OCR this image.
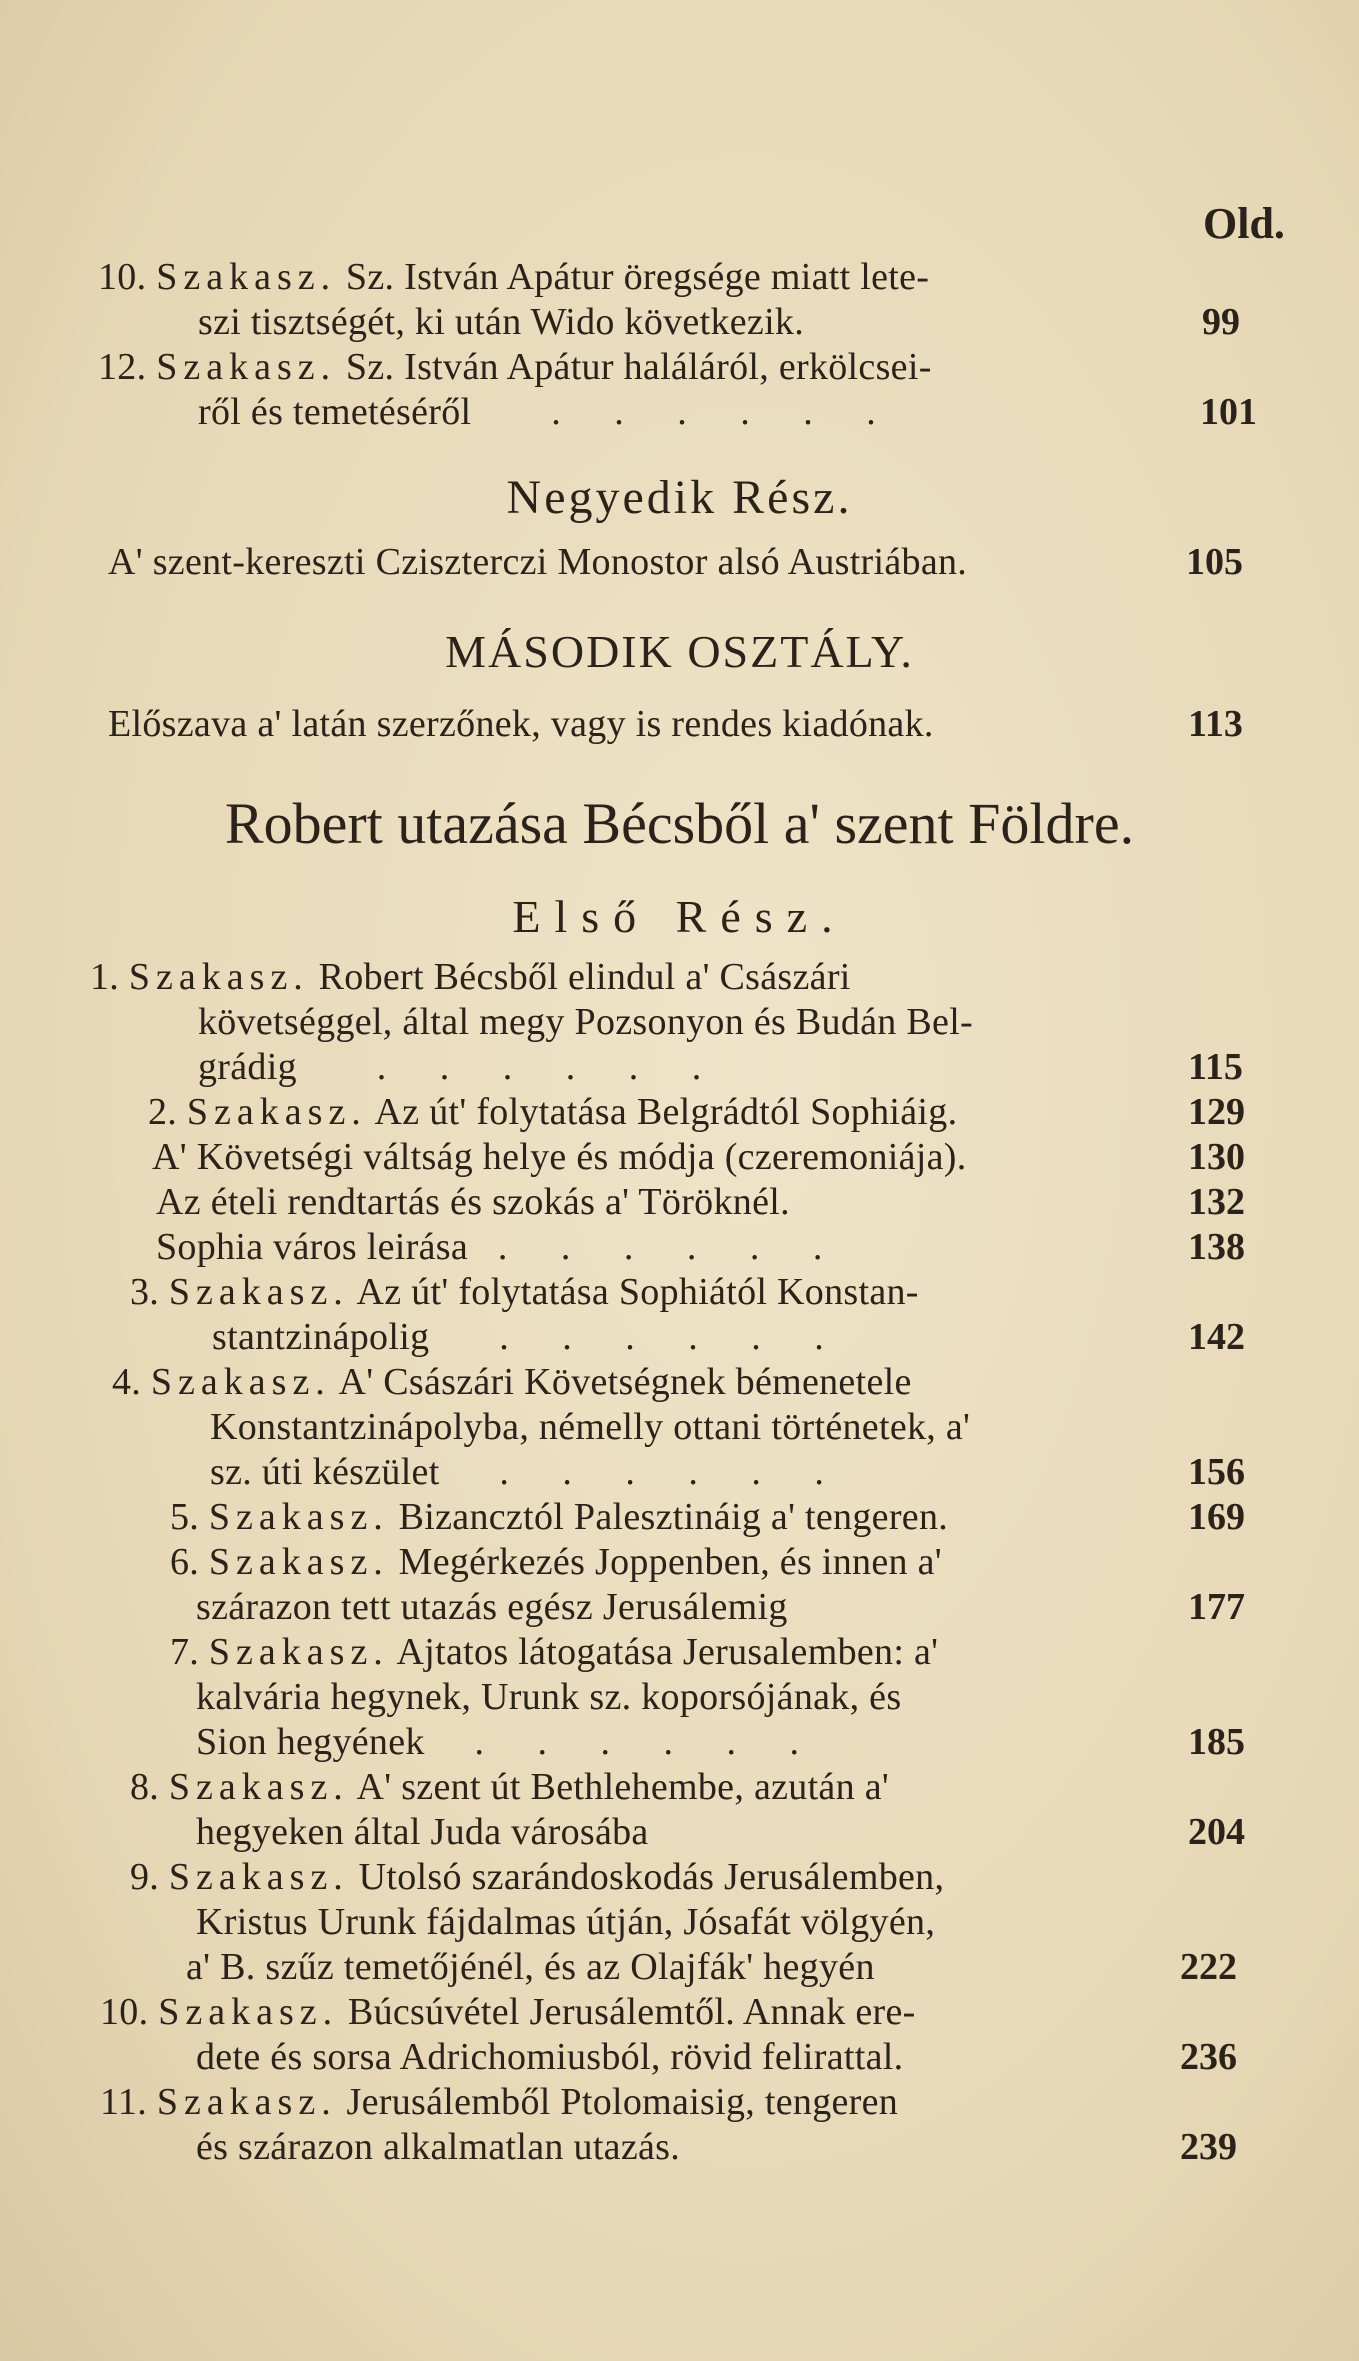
Old.
10. Szakasz. Sz. István Apátur öregsége miatt lete-
szi tisztségét, ki után Wido következik.	99
12. Szakasz. Sz. István Apátur haláláról, erkölcsei-
ről és temetéséről . . . . . .	101
Negyedik Rész.
A' szent-kereszti Cziszterczi Monostor alsó Austriában.	105
MÁSODIK OSZTÁLY.
Előszava a' latán szerzőnek, vagy is rendes kiadónak.	113
Robert utazása Bécsből a' szent Földre.
Első Rész.
1. Szakasz. Robert Bécsből elindul a' Császári
követséggel, által megy Pozsonyon és Budán Bel-
grádig . . . . . .	115
2. Szakasz. Az út' folytatása Belgrádtól Sophiáig.	129
A' Követségi váltság helye és módja (czeremoniája).	130
Az ételi rendtartás és szokás a' Töröknél.	132
Sophia város leirása . . . . . .	138
3. Szakasz. Az út' folytatása Sophiától Konstan-
stantzinápolig . . . . . .	142
4. Szakasz. A' Császári Követségnek bémenetele
Konstantzinápolyba, némelly ottani történetek, a'
sz. úti készület . . . . . .	156
5. Szakasz. Bizancztól Palesztináig a' tengeren.	169
6. Szakasz. Megérkezés Joppenben, és innen a'
szárazon tett utazás egész Jerusálemig	177
7. Szakasz. Ajtatos látogatása Jerusalemben: a'
kalvária hegynek, Urunk sz. koporsójának, és
Sion hegyének . . . . . .	185
8. Szakasz. A' szent út Bethlehembe, azután a'
hegyeken által Juda városába	204
9. Szakasz. Utolsó szarándoskodás Jerusálemben,
Kristus Urunk fájdalmas útján, Jósafát völgyén,
a' B. szűz temetőjénél, és az Olajfák' hegyén	222
10. Szakasz. Búcsúvétel Jerusálemtől. Annak ere-
dete és sorsa Adrichomiusból, rövid felirattal.	236
11. Szakasz. Jerusálemből Ptolomaisig, tengeren
és szárazon alkalmatlan utazás.	239
